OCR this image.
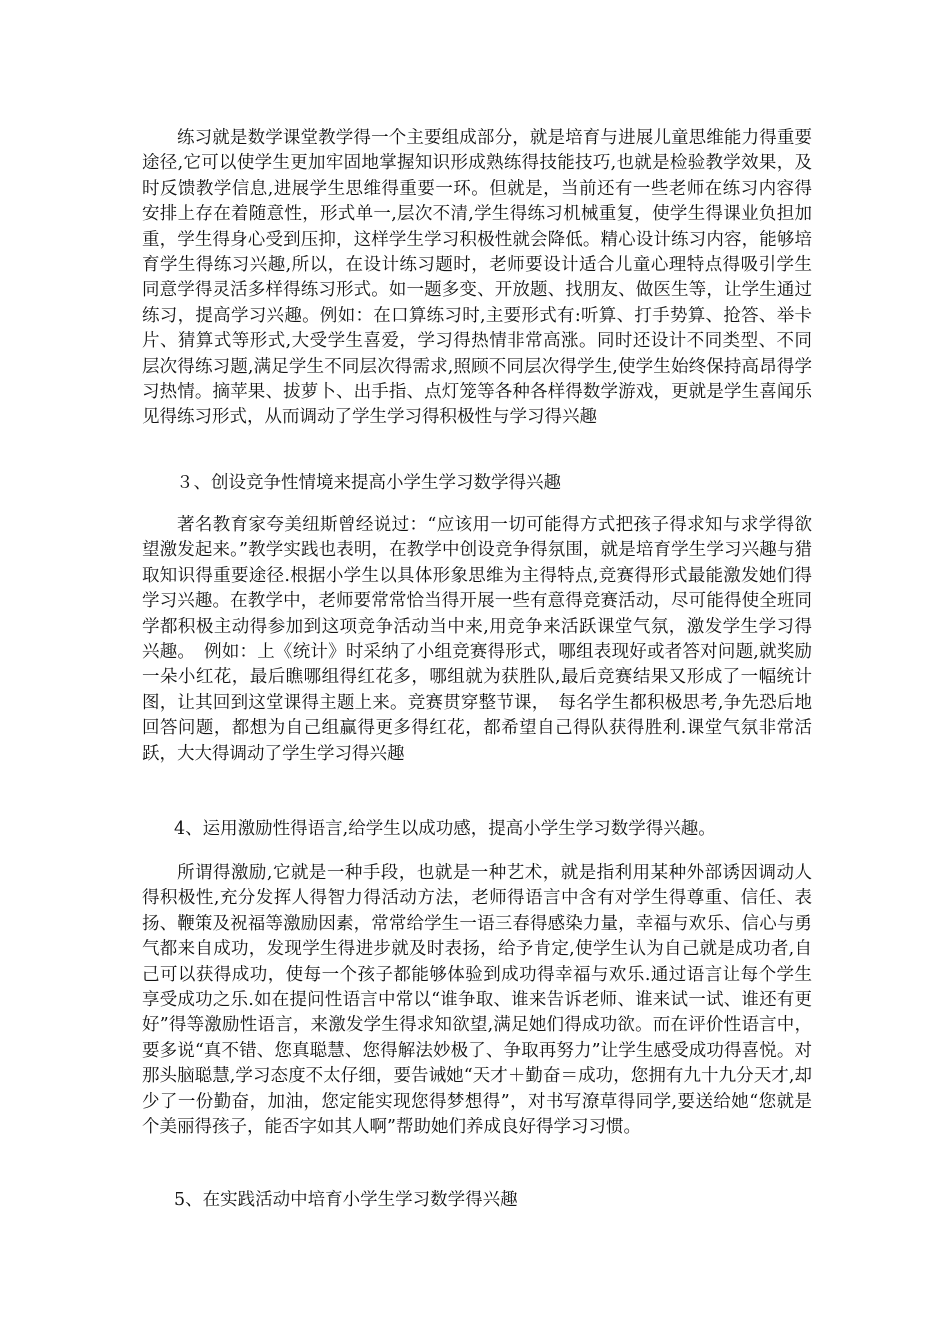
练习就是数学课堂教学得一个主要组成部分，就是培育与进展儿童思维能力得重要途径,它可以使学生更加牢固地掌握知识形成熟练得技能技巧,也就是检验教学效果，及时反馈教学信息,进展学生思维得重要一环。但就是，当前还有一些老师在练习内容得安排上存在着随意性，形式单一,层次不清,学生得练习机械重复，使学生得课业负担加重，学生得身心受到压抑，这样学生学习积极性就会降低。精心设计练习内容，能够培育学生得练习兴趣,所以，在设计练习题时，老师要设计适合儿童心理特点得吸引学生同意学得灵活多样得练习形式。如一题多变、开放题、找朋友、做医生等，让学生通过练习，提高学习兴趣。例如：在口算练习时,主要形式有:听算、打手势算、抢答、举卡片、猜算式等形式,大受学生喜爱，学习得热情非常高涨。同时还设计不同类型、不同层次得练习题,满足学生不同层次得需求,照顾不同层次得学生,使学生始终保持高昂得学习热情。摘苹果、拔萝卜、出手指、点灯笼等各种各样得数学游戏，更就是学生喜闻乐见得练习形式，从而调动了学生学习得积极性与学习得兴趣

３、创设竞争性情境来提高小学生学习数学得兴趣

著名教育家夸美纽斯曾经说过：“应该用一切可能得方式把孩子得求知与求学得欲望激发起来。”教学实践也表明，在教学中创设竞争得氛围，就是培育学生学习兴趣与猎取知识得重要途径.根据小学生以具体形象思维为主得特点,竞赛得形式最能激发她们得学习兴趣。在教学中，老师要常常恰当得开展一些有意得竞赛活动，尽可能得使全班同学都积极主动得参加到这项竞争活动当中来,用竞争来活跃课堂气氛，激发学生学习得兴趣。　例如：上《统计》时采纳了小组竞赛得形式，哪组表现好或者答对问题,就奖励一朵小红花，最后瞧哪组得红花多，哪组就为获胜队,最后竞赛结果又形成了一幅统计图，让其回到这堂课得主题上来。竞赛贯穿整节课，　每名学生都积极思考,争先恐后地回答问题，都想为自己组赢得更多得红花，都希望自己得队获得胜利.课堂气氛非常活跃，大大得调动了学生学习得兴趣

4、运用激励性得语言,给学生以成功感，提高小学生学习数学得兴趣。

所谓得激励,它就是一种手段，也就是一种艺术，就是指利用某种外部诱因调动人得积极性,充分发挥人得智力得活动方法，老师得语言中含有对学生得尊重、信任、表扬、鞭策及祝福等激励因素，常常给学生一语三春得感染力量，幸福与欢乐、信心与勇气都来自成功，发现学生得进步就及时表扬，给予肯定,使学生认为自己就是成功者,自己可以获得成功，使每一个孩子都能够体验到成功得幸福与欢乐.通过语言让每个学生享受成功之乐.如在提问性语言中常以“谁争取、谁来告诉老师、谁来试一试、谁还有更好”得等激励性语言，来激发学生得求知欲望,满足她们得成功欲。而在评价性语言中，要多说“真不错、您真聪慧、您得解法妙极了、争取再努力”让学生感受成功得喜悦。对那头脑聪慧,学习态度不太仔细，要告诫她“天才＋勤奋＝成功，您拥有九十九分天才,却少了一份勤奋，加油，您定能实现您得梦想得”，对书写潦草得同学,要送给她“您就是个美丽得孩子，能否字如其人啊”帮助她们养成良好得学习习惯。

5、在实践活动中培育小学生学习数学得兴趣
